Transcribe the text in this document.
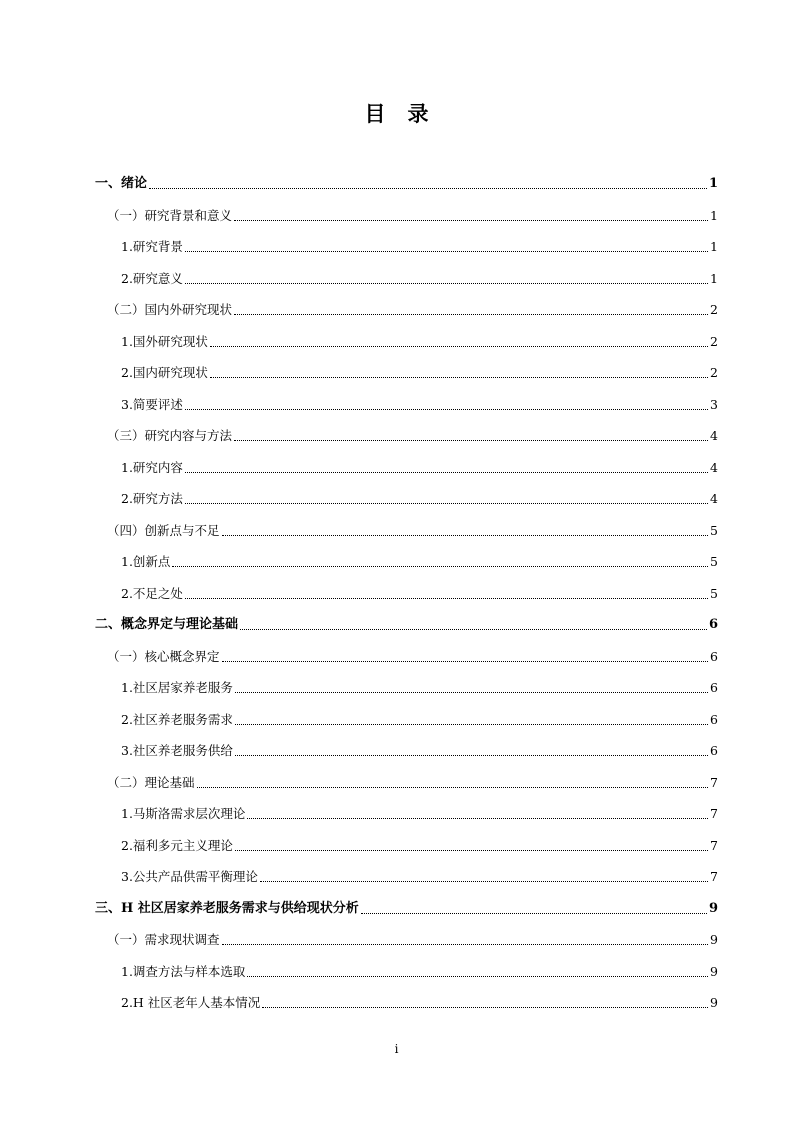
目录
一、绪论	1
（一）研究背景和意义	1
1.研究背景	1
2.研究意义	1
（二）国内外研究现状	2
1.国外研究现状	2
2.国内研究现状	2
3.简要评述	3
（三）研究内容与方法	4
1.研究内容	4
2.研究方法	4
（四）创新点与不足	5
1.创新点	5
2.不足之处	5
二、概念界定与理论基础	6
（一）核心概念界定	6
1.社区居家养老服务	6
2.社区养老服务需求	6
3.社区养老服务供给	6
（二）理论基础	7
1.马斯洛需求层次理论	7
2.福利多元主义理论	7
3.公共产品供需平衡理论	7
三、H 社区居家养老服务需求与供给现状分析	9
（一）需求现状调查	9
1.调查方法与样本选取	9
2.H 社区老年人基本情况	9
i
